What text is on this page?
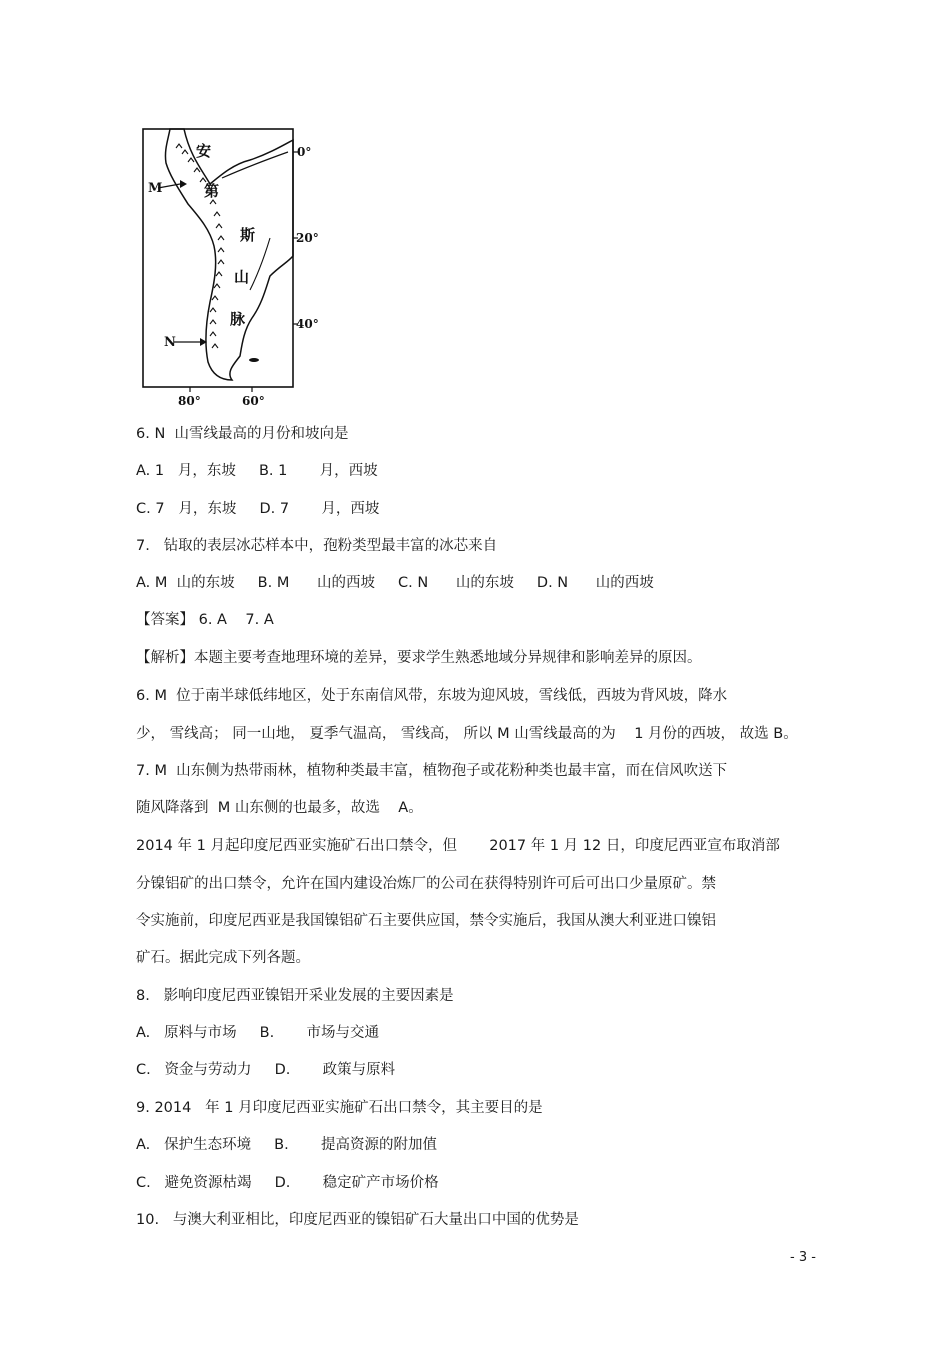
安
第
斯
山
脉
M
N
0°
20°
40°
80°	60°
6. N  山雪线最高的月份和坡向是
A. 1   月，东坡     B. 1       月，西坡
C. 7   月，东坡     D. 7       月，西坡
7.   钻取的表层冰芯样本中，孢粉类型最丰富的冰芯来自
A. M  山的东坡     B. M      山的西坡     C. N      山的东坡     D. N      山的西坡
【答案】 6. A    7. A
【解析】本题主要考查地理环境的差异，要求学生熟悉地域分异规律和影响差异的原因。
6. M  位于南半球低纬地区，处于东南信风带，东坡为迎风坡，雪线低，西坡为背风坡，降水
少， 雪线高； 同一山地， 夏季气温高， 雪线高， 所以 M 山雪线最高的为    1 月份的西坡， 故选 B。
7. M  山东侧为热带雨林，植物种类最丰富，植物孢子或花粉种类也最丰富，而在信风吹送下
随风降落到  M 山东侧的也最多，故选    A。
2014 年 1 月起印度尼西亚实施矿石出口禁令，但       2017 年 1 月 12 日，印度尼西亚宣布取消部
分镍铝矿的出口禁令，允许在国内建设冶炼厂的公司在获得特别许可后可出口少量原矿。禁
令实施前，印度尼西亚是我国镍铝矿石主要供应国，禁令实施后，我国从澳大利亚进口镍铝
矿石。据此完成下列各题。
8.   影响印度尼西亚镍铝开采业发展的主要因素是
A.   原料与市场     B.       市场与交通
C.   资金与劳动力     D.       政策与原料
9. 2014   年 1 月印度尼西亚实施矿石出口禁令，其主要目的是
A.   保护生态环境     B.       提高资源的附加值
C.   避免资源枯竭     D.       稳定矿产市场价格
10.   与澳大利亚相比，印度尼西亚的镍铝矿石大量出口中国的优势是
- 3 -
